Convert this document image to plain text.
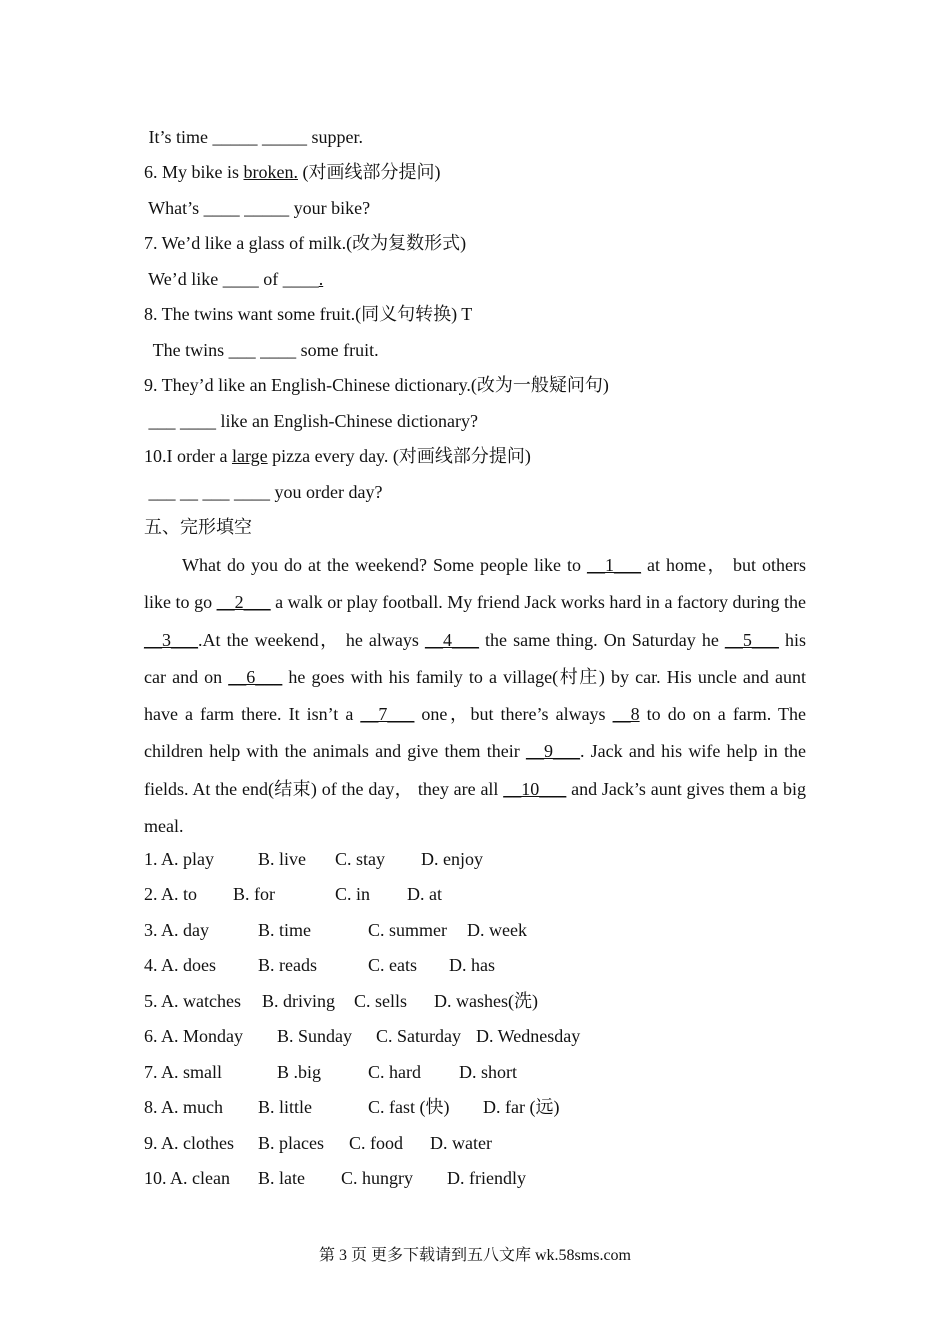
It’s time _____ _____ supper.
6. My bike is broken. (对画线部分提问)
What’s ____ _____ your bike?
7. We’d like a glass of milk.(改为复数形式)
We’d like ____ of ____.
8. The twins want some fruit.(同义句转换) T
The twins ___ ____ some fruit.
9. They’d like an English-Chinese dictionary.(改为一般疑问句)
___ ____ like an English-Chinese dictionary?
10.I order a large pizza every day. (对画线部分提问)
___ __ ___ ____ you order day?
五、完形填空
What do you do at the weekend? Some people like to __1___ at home， but others like to go __2___ a walk or play football. My friend Jack works hard in a factory during the __3___.At the weekend， he always __4___ the same thing. On Saturday he __5___ his car and on __6___ he goes with his family to a village(村庄) by car. His uncle and aunt have a farm there. It isn’t a __7___ one，but there’s always __8 to do on a farm. The children help with the animals and give them their __9___. Jack and his wife help in the fields. At the end(结束) of the day， they are all __10___ and Jack’s aunt gives them a big meal.
1. A. play B. live C. stay D. enjoy
2. A. to B. for	C. in D. at
3. A. day	B. time	C. summer D. week
4. A. does B. reads	C. eats D. has
5. A. watches B. driving C. sells D. washes(洗)
6. A. Monday B. Sunday C. Saturday D. Wednesday
7. A. small	B .big	C. hard D. short
8. A. much B. little	C. fast (快) D. far (远)
9. A. clothes B. places C. food D. water
10. A. clean B. late C. hungry D. friendly
第 3 页 更多下载请到五八文库 wk.58sms.com
